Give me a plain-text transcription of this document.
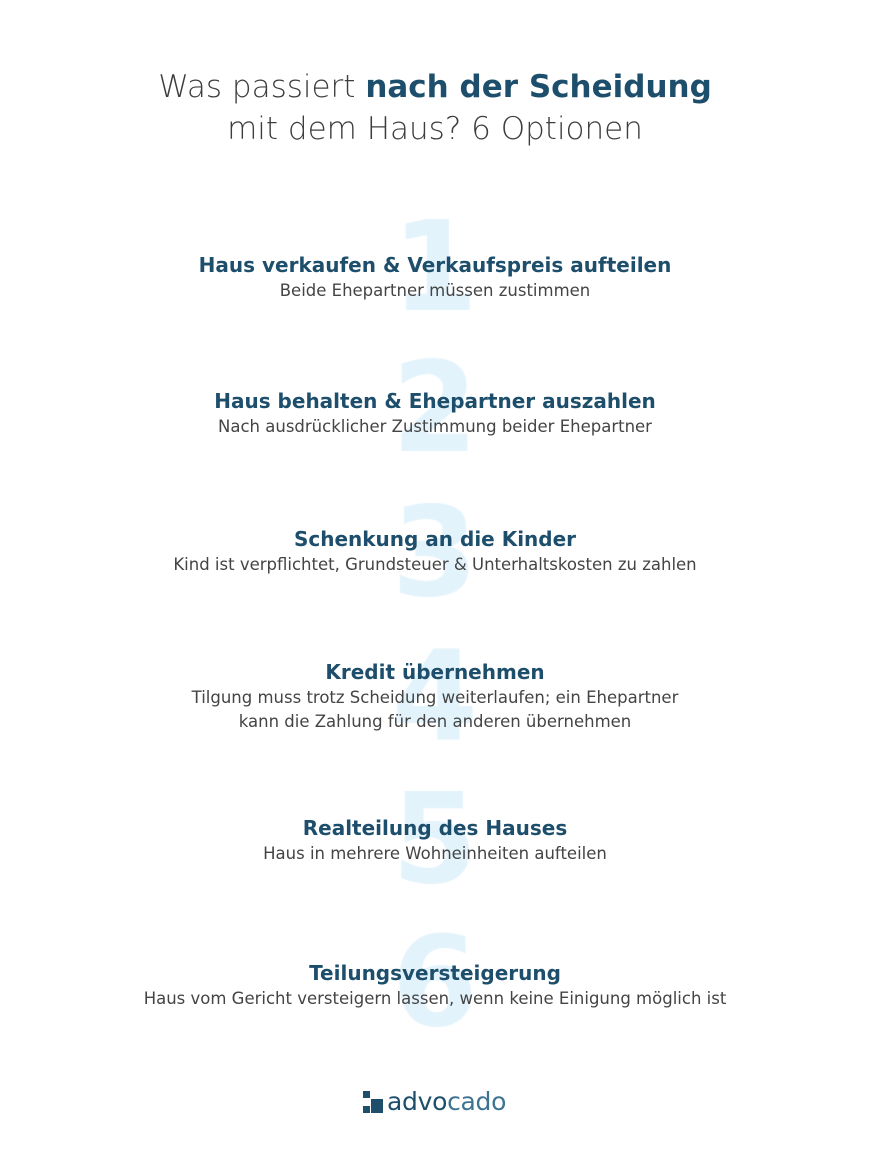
Was passiert nach der Scheidung
mit dem Haus? 6 Optionen
Haus verkaufen & Verkaufspreis aufteilen
Beide Ehepartner müssen zustimmen
Haus behalten & Ehepartner auszahlen
Nach ausdrücklicher Zustimmung beider Ehepartner
Schenkung an die Kinder
Kind ist verpflichtet, Grundsteuer & Unterhaltskosten zu zahlen
Kredit übernehmen
Tilgung muss trotz Scheidung weiterlaufen; ein Ehepartner
kann die Zahlung für den anderen übernehmen
Realteilung des Hauses
Haus in mehrere Wohneinheiten aufteilen
Teilungsversteigerung
Haus vom Gericht versteigern lassen, wenn keine Einigung möglich ist
advocado
